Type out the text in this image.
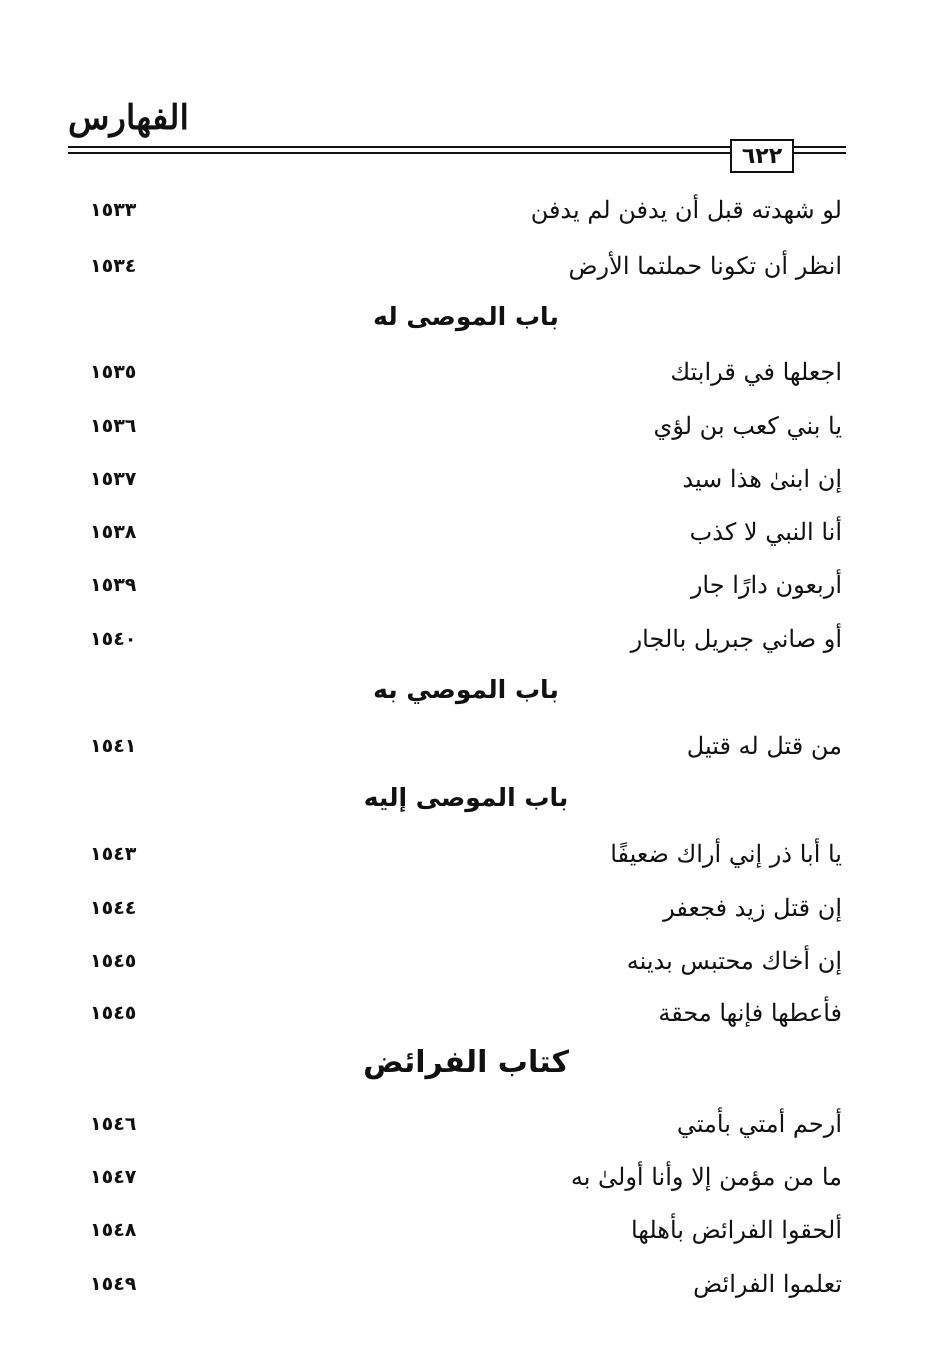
الفهارس
٦٢٢
١٥٣٣	لو شهدته قبل أن يدفن لم يدفن
١٥٣٤	انظر أن تكونا حملتما الأرض
باب الموصى له
١٥٣٥	اجعلها في قرابتك
١٥٣٦	يا بني كعب بن لؤي
١٥٣٧	إن ابنىٰ هذا سيد
١٥٣٨	أنا النبي لا كذب
١٥٣٩	أربعون دارًا جار
١٥٤٠	أو صاني جبريل بالجار
باب الموصي به
١٥٤١	من قتل له قتيل
باب الموصى إليه
١٥٤٣	يا أبا ذر إني أراك ضعيفًا
١٥٤٤	إن قتل زيد فجعفر
١٥٤٥	إن أخاك محتبس بدينه
١٥٤٥	فأعطها فإنها محقة
كتاب الفرائض
١٥٤٦	أرحم أمتي بأمتي
١٥٤٧	ما من مؤمن إلا وأنا أولىٰ به
١٥٤٨	ألحقوا الفرائض بأهلها
١٥٤٩	تعلموا الفرائض
